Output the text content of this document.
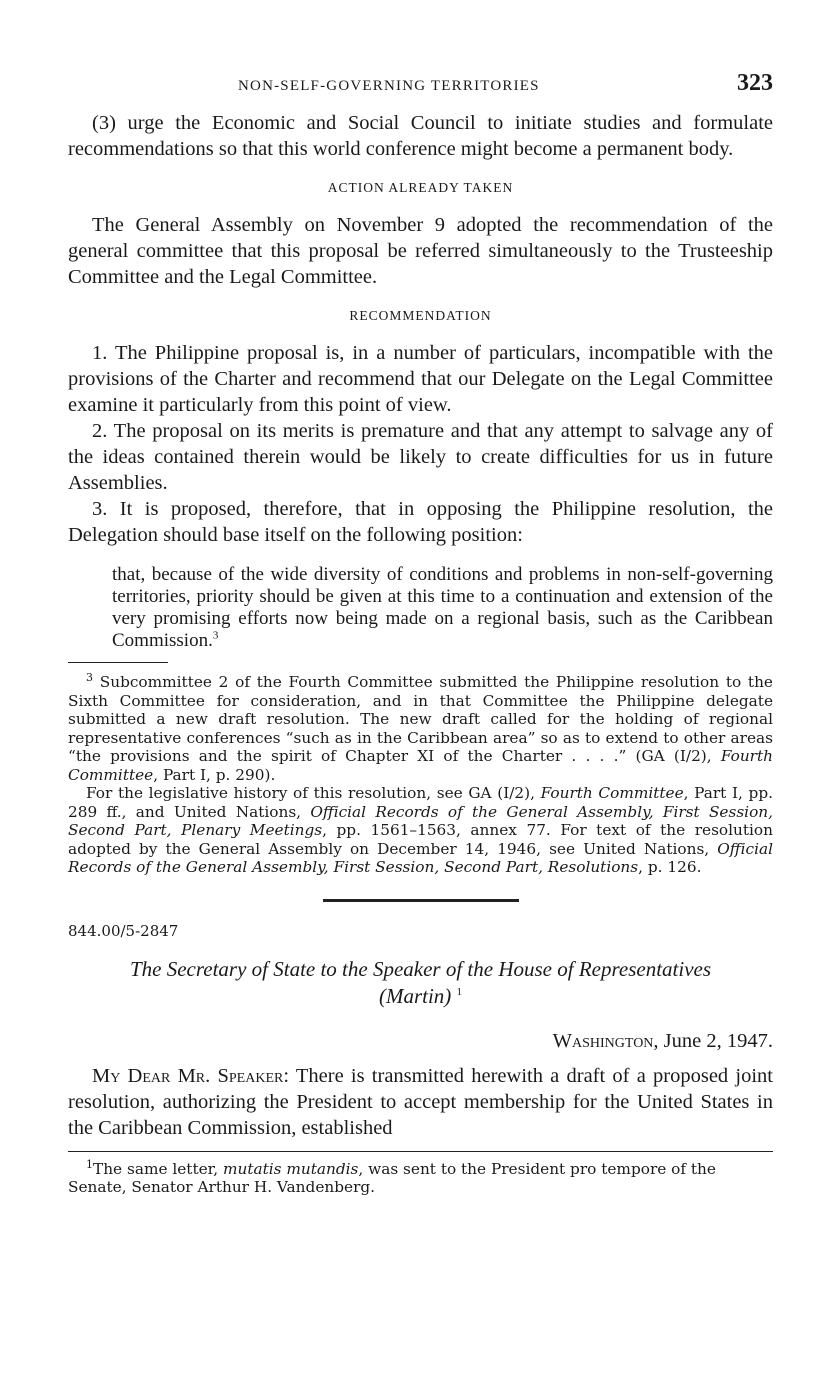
NON-SELF-GOVERNING TERRITORIES	323

(3) urge the Economic and Social Council to initiate studies and formulate recommendations so that this world conference might become a permanent body.

ACTION ALREADY TAKEN

The General Assembly on November 9 adopted the recommendation of the general committee that this proposal be referred simultaneously to the Trusteeship Committee and the Legal Committee.

RECOMMENDATION

1. The Philippine proposal is, in a number of particulars, incompatible with the provisions of the Charter and recommend that our Delegate on the Legal Committee examine it particularly from this point of view.

2. The proposal on its merits is premature and that any attempt to salvage any of the ideas contained therein would be likely to create difficulties for us in future Assemblies.

3. It is proposed, therefore, that in opposing the Philippine resolution, the Delegation should base itself on the following position:

that, because of the wide diversity of conditions and problems in non-self-governing territories, priority should be given at this time to a continuation and extension of the very promising efforts now being made on a regional basis, such as the Caribbean Commission.$^3$

$^3$ Subcommittee 2 of the Fourth Committee submitted the Philippine resolution to the Sixth Committee for consideration, and in that Committee the Philippine delegate submitted a new draft resolution. The new draft called for the holding of regional representative conferences “such as in the Caribbean area” so as to extend to other areas “the provisions and the spirit of Chapter XI of the Charter . . . .” (GA (I/2), Fourth Committee, Part I, p. 290).

For the legislative history of this resolution, see GA (I/2), Fourth Committee, Part I, pp. 289 ff., and United Nations, Official Records of the General Assembly, First Session, Second Part, Plenary Meetings, pp. 1561–1563, annex 77. For text of the resolution adopted by the General Assembly on December 14, 1946, see United Nations, Official Records of the General Assembly, First Session, Second Part, Resolutions, p. 126.

844.00/5-2847
The Secretary of State to the Speaker of the House of Representatives
(Martin) $^1$
Washington, June 2, 1947.

My Dear Mr. Speaker: There is transmitted herewith a draft of a proposed joint resolution, authorizing the President to accept membership for the United States in the Caribbean Commission, established

$^1$The same letter, mutatis mutandis, was sent to the President pro tempore of the Senate, Senator Arthur H. Vandenberg.
